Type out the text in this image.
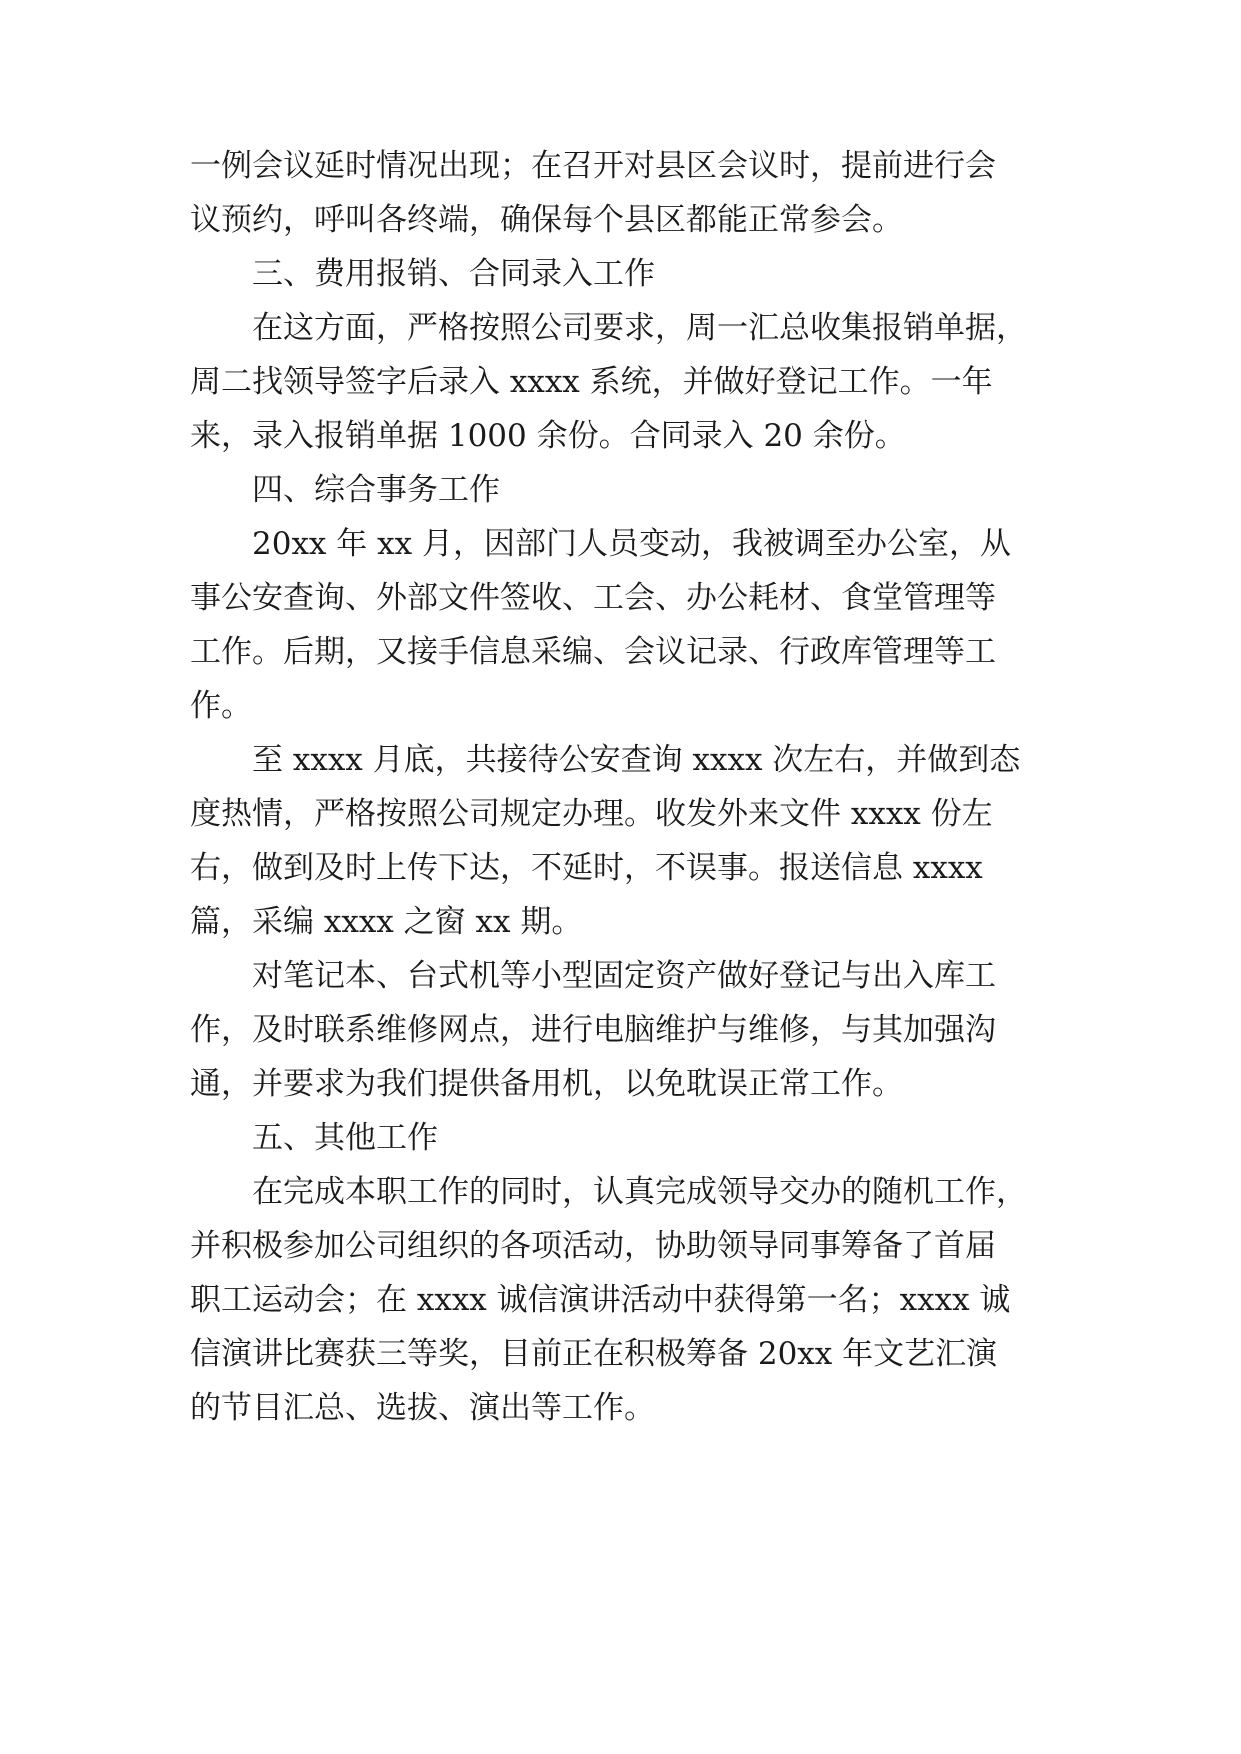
一例会议延时情况出现；在召开对县区会议时，提前进行会
议预约，呼叫各终端，确保每个县区都能正常参会。
三、费用报销、合同录入工作
在这方面，严格按照公司要求，周一汇总收集报销单据，
周二找领导签字后录入 xxxx 系统，并做好登记工作。一年
来，录入报销单据 1000 余份。合同录入 20 余份。
四、综合事务工作
20xx 年 xx 月，因部门人员变动，我被调至办公室，从
事公安查询、外部文件签收、工会、办公耗材、食堂管理等
工作。后期，又接手信息采编、会议记录、行政库管理等工
作。
至 xxxx 月底，共接待公安查询 xxxx 次左右，并做到态
度热情，严格按照公司规定办理。收发外来文件 xxxx 份左
右，做到及时上传下达，不延时，不误事。报送信息 xxxx
篇，采编 xxxx 之窗 xx 期。
对笔记本、台式机等小型固定资产做好登记与出入库工
作，及时联系维修网点，进行电脑维护与维修，与其加强沟
通，并要求为我们提供备用机，以免耽误正常工作。
五、其他工作
在完成本职工作的同时，认真完成领导交办的随机工作，
并积极参加公司组织的各项活动，协助领导同事筹备了首届
职工运动会；在 xxxx 诚信演讲活动中获得第一名；xxxx 诚
信演讲比赛获三等奖，目前正在积极筹备 20xx 年文艺汇演
的节目汇总、选拔、演出等工作。
